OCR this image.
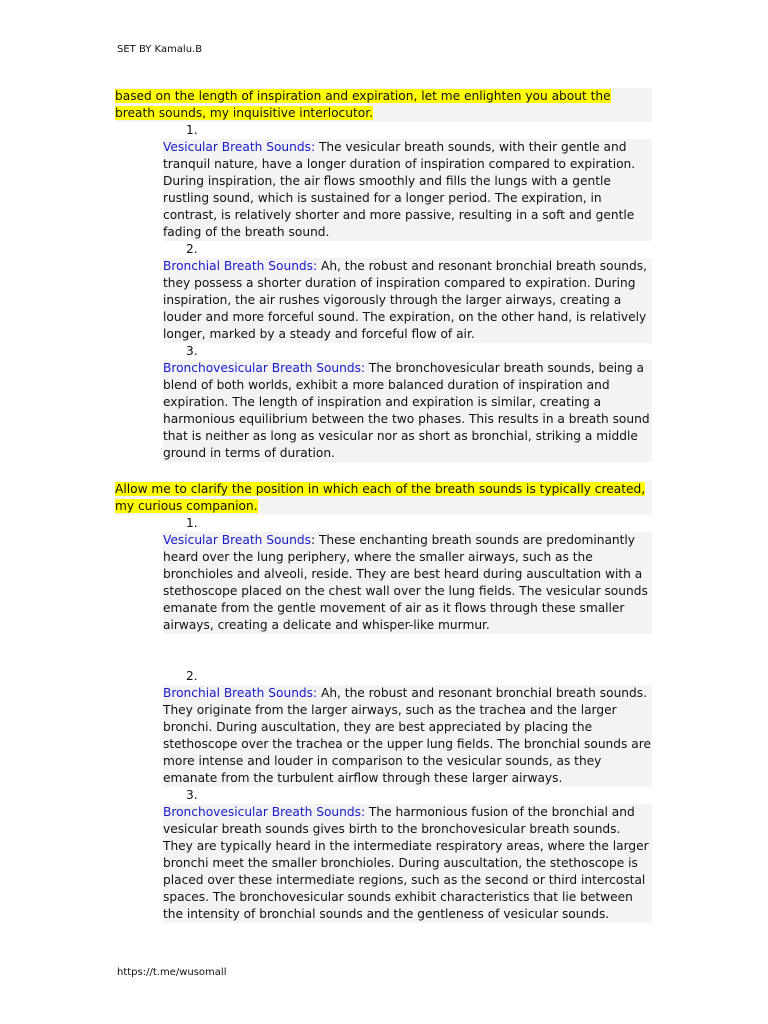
SET BY Kamalu.B
based on the length of inspiration and expiration, let me enlighten you about the breath sounds, my inquisitive interlocutor.
1.
Vesicular Breath Sounds: The vesicular breath sounds, with their gentle and tranquil nature, have a longer duration of inspiration compared to expiration. During inspiration, the air flows smoothly and fills the lungs with a gentle rustling sound, which is sustained for a longer period. The expiration, in contrast, is relatively shorter and more passive, resulting in a soft and gentle fading of the breath sound.
2.
Bronchial Breath Sounds: Ah, the robust and resonant bronchial breath sounds, they possess a shorter duration of inspiration compared to expiration. During inspiration, the air rushes vigorously through the larger airways, creating a louder and more forceful sound. The expiration, on the other hand, is relatively longer, marked by a steady and forceful flow of air.
3.
Bronchovesicular Breath Sounds: The bronchovesicular breath sounds, being a blend of both worlds, exhibit a more balanced duration of inspiration and expiration. The length of inspiration and expiration is similar, creating a harmonious equilibrium between the two phases. This results in a breath sound that is neither as long as vesicular nor as short as bronchial, striking a middle ground in terms of duration.
Allow me to clarify the position in which each of the breath sounds is typically created, my curious companion.
1.
Vesicular Breath Sounds: These enchanting breath sounds are predominantly heard over the lung periphery, where the smaller airways, such as the bronchioles and alveoli, reside. They are best heard during auscultation with a stethoscope placed on the chest wall over the lung fields. The vesicular sounds emanate from the gentle movement of air as it flows through these smaller airways, creating a delicate and whisper-like murmur.
2.
Bronchial Breath Sounds: Ah, the robust and resonant bronchial breath sounds. They originate from the larger airways, such as the trachea and the larger bronchi. During auscultation, they are best appreciated by placing the stethoscope over the trachea or the upper lung fields. The bronchial sounds are more intense and louder in comparison to the vesicular sounds, as they emanate from the turbulent airflow through these larger airways.
3.
Bronchovesicular Breath Sounds: The harmonious fusion of the bronchial and vesicular breath sounds gives birth to the bronchovesicular breath sounds. They are typically heard in the intermediate respiratory areas, where the larger bronchi meet the smaller bronchioles. During auscultation, the stethoscope is placed over these intermediate regions, such as the second or third intercostal spaces. The bronchovesicular sounds exhibit characteristics that lie between the intensity of bronchial sounds and the gentleness of vesicular sounds.
https://t.me/wusomall
